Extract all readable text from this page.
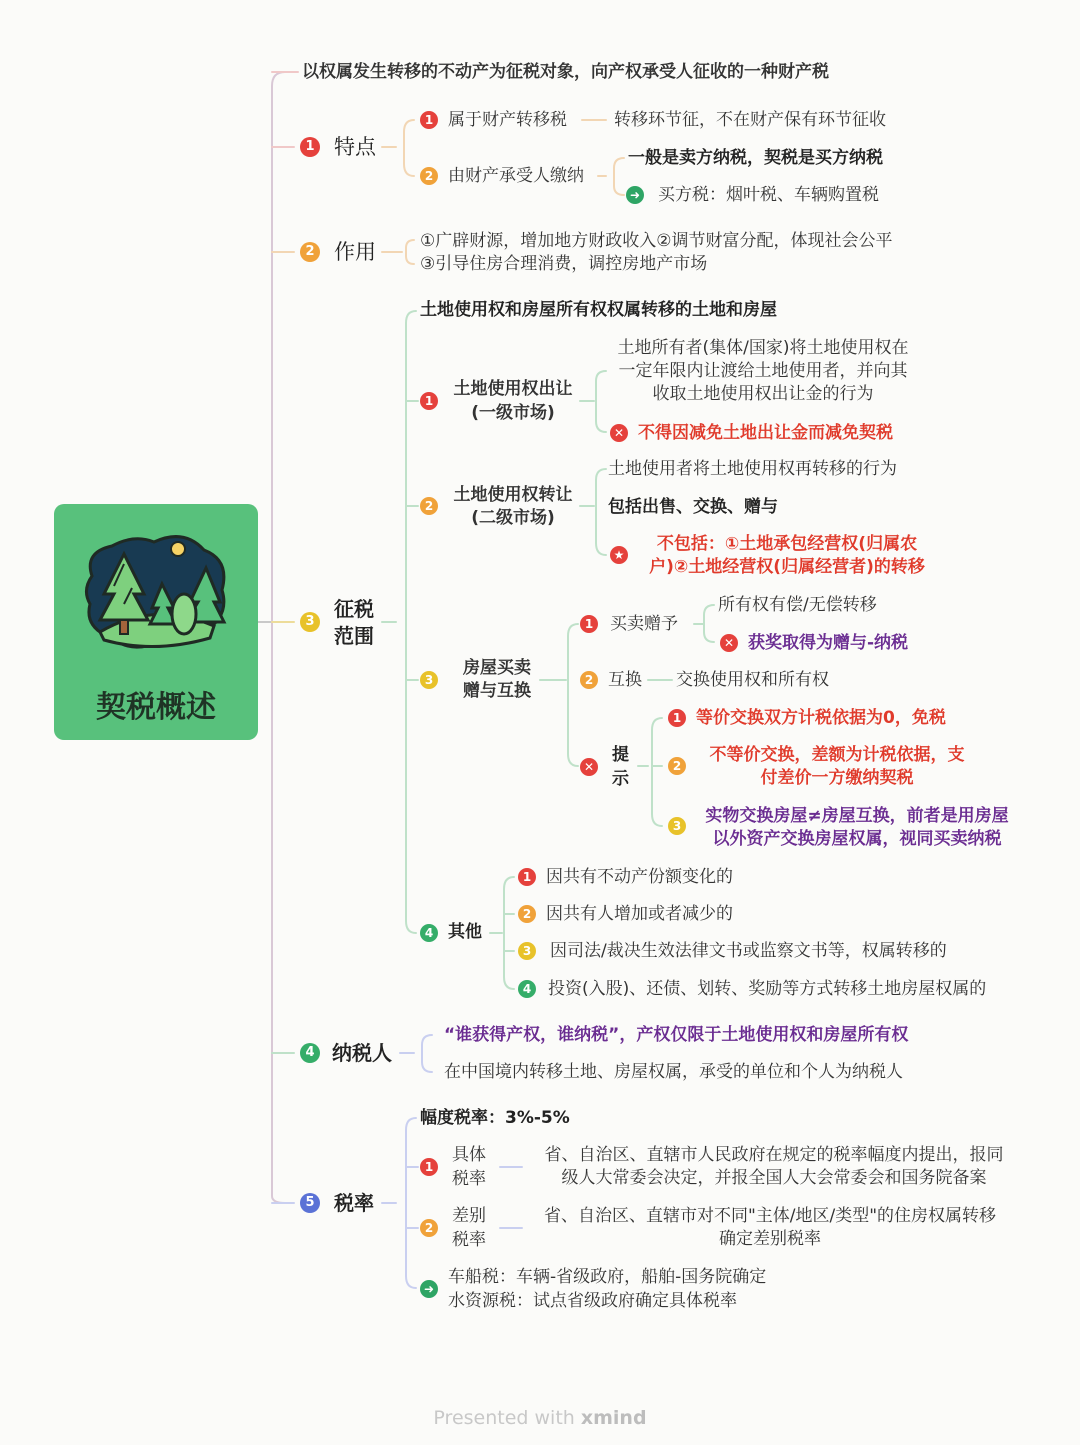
契税概述
以权属发生转移的不动产为征税对象，向产权承受人征收的一种财产税
1 特点
1 属于财产转移税	转移环节征，不在财产保有环节征收
2 由财产承受人缴纳
一般是卖方纳税，契税是买方纳税
➜ 买方税：烟叶税、车辆购置税
2 作用	①广辟财源，增加地方财政收入②调节财富分配，体现社会公平
③引导住房合理消费，调控房地产市场
3
征税
范围
土地使用权和房屋所有权权属转移的土地和房屋
1
土地使用权出让
(一级市场)
土地所有者(集体/国家)将土地使用权在
一定年限内让渡给土地使用者，并向其
收取土地使用权出让金的行为
✕ 不得因减免土地出让金而减免契税
2
土地使用权转让
(二级市场)
土地使用者将土地使用权再转移的行为
包括出售、交换、赠与
★
不包括：①土地承包经营权(归属农
户)②土地经营权(归属经营者)的转移
3
房屋买卖
赠与互换
1 买卖赠予
所有权有偿/无偿转移
✕ 获奖取得为赠与-纳税
2 互换 交换使用权和所有权
✕
提
示
1 等价交换双方计税依据为0，免税
2
不等价交换，差额为计税依据，支
付差价一方缴纳契税
3	实物交换房屋≠房屋互换，前者是用房屋
以外资产交换房屋权属，视同买卖纳税
4 其他
1 因共有不动产份额变化的
2 因共有人增加或者减少的
3 因司法/裁决生效法律文书或监察文书等，权属转移的
4 投资(入股)、还债、划转、奖励等方式转移土地房屋权属的
4 纳税人
“谁获得产权，谁纳税”，产权仅限于土地使用权和房屋所有权
在中国境内转移土地、房屋权属，承受的单位和个人为纳税人
5 税率
幅度税率：3%-5%
1
具体
税率
省、自治区、直辖市人民政府在规定的税率幅度内提出，报同
级人大常委会决定，并报全国人大会常委会和国务院备案
2
差别
税率
省、自治区、直辖市对不同"主体/地区/类型"的住房权属转移
确定差别税率
➜
车船税：车辆-省级政府，船舶-国务院确定
水资源税：试点省级政府确定具体税率
Presented with xmind
